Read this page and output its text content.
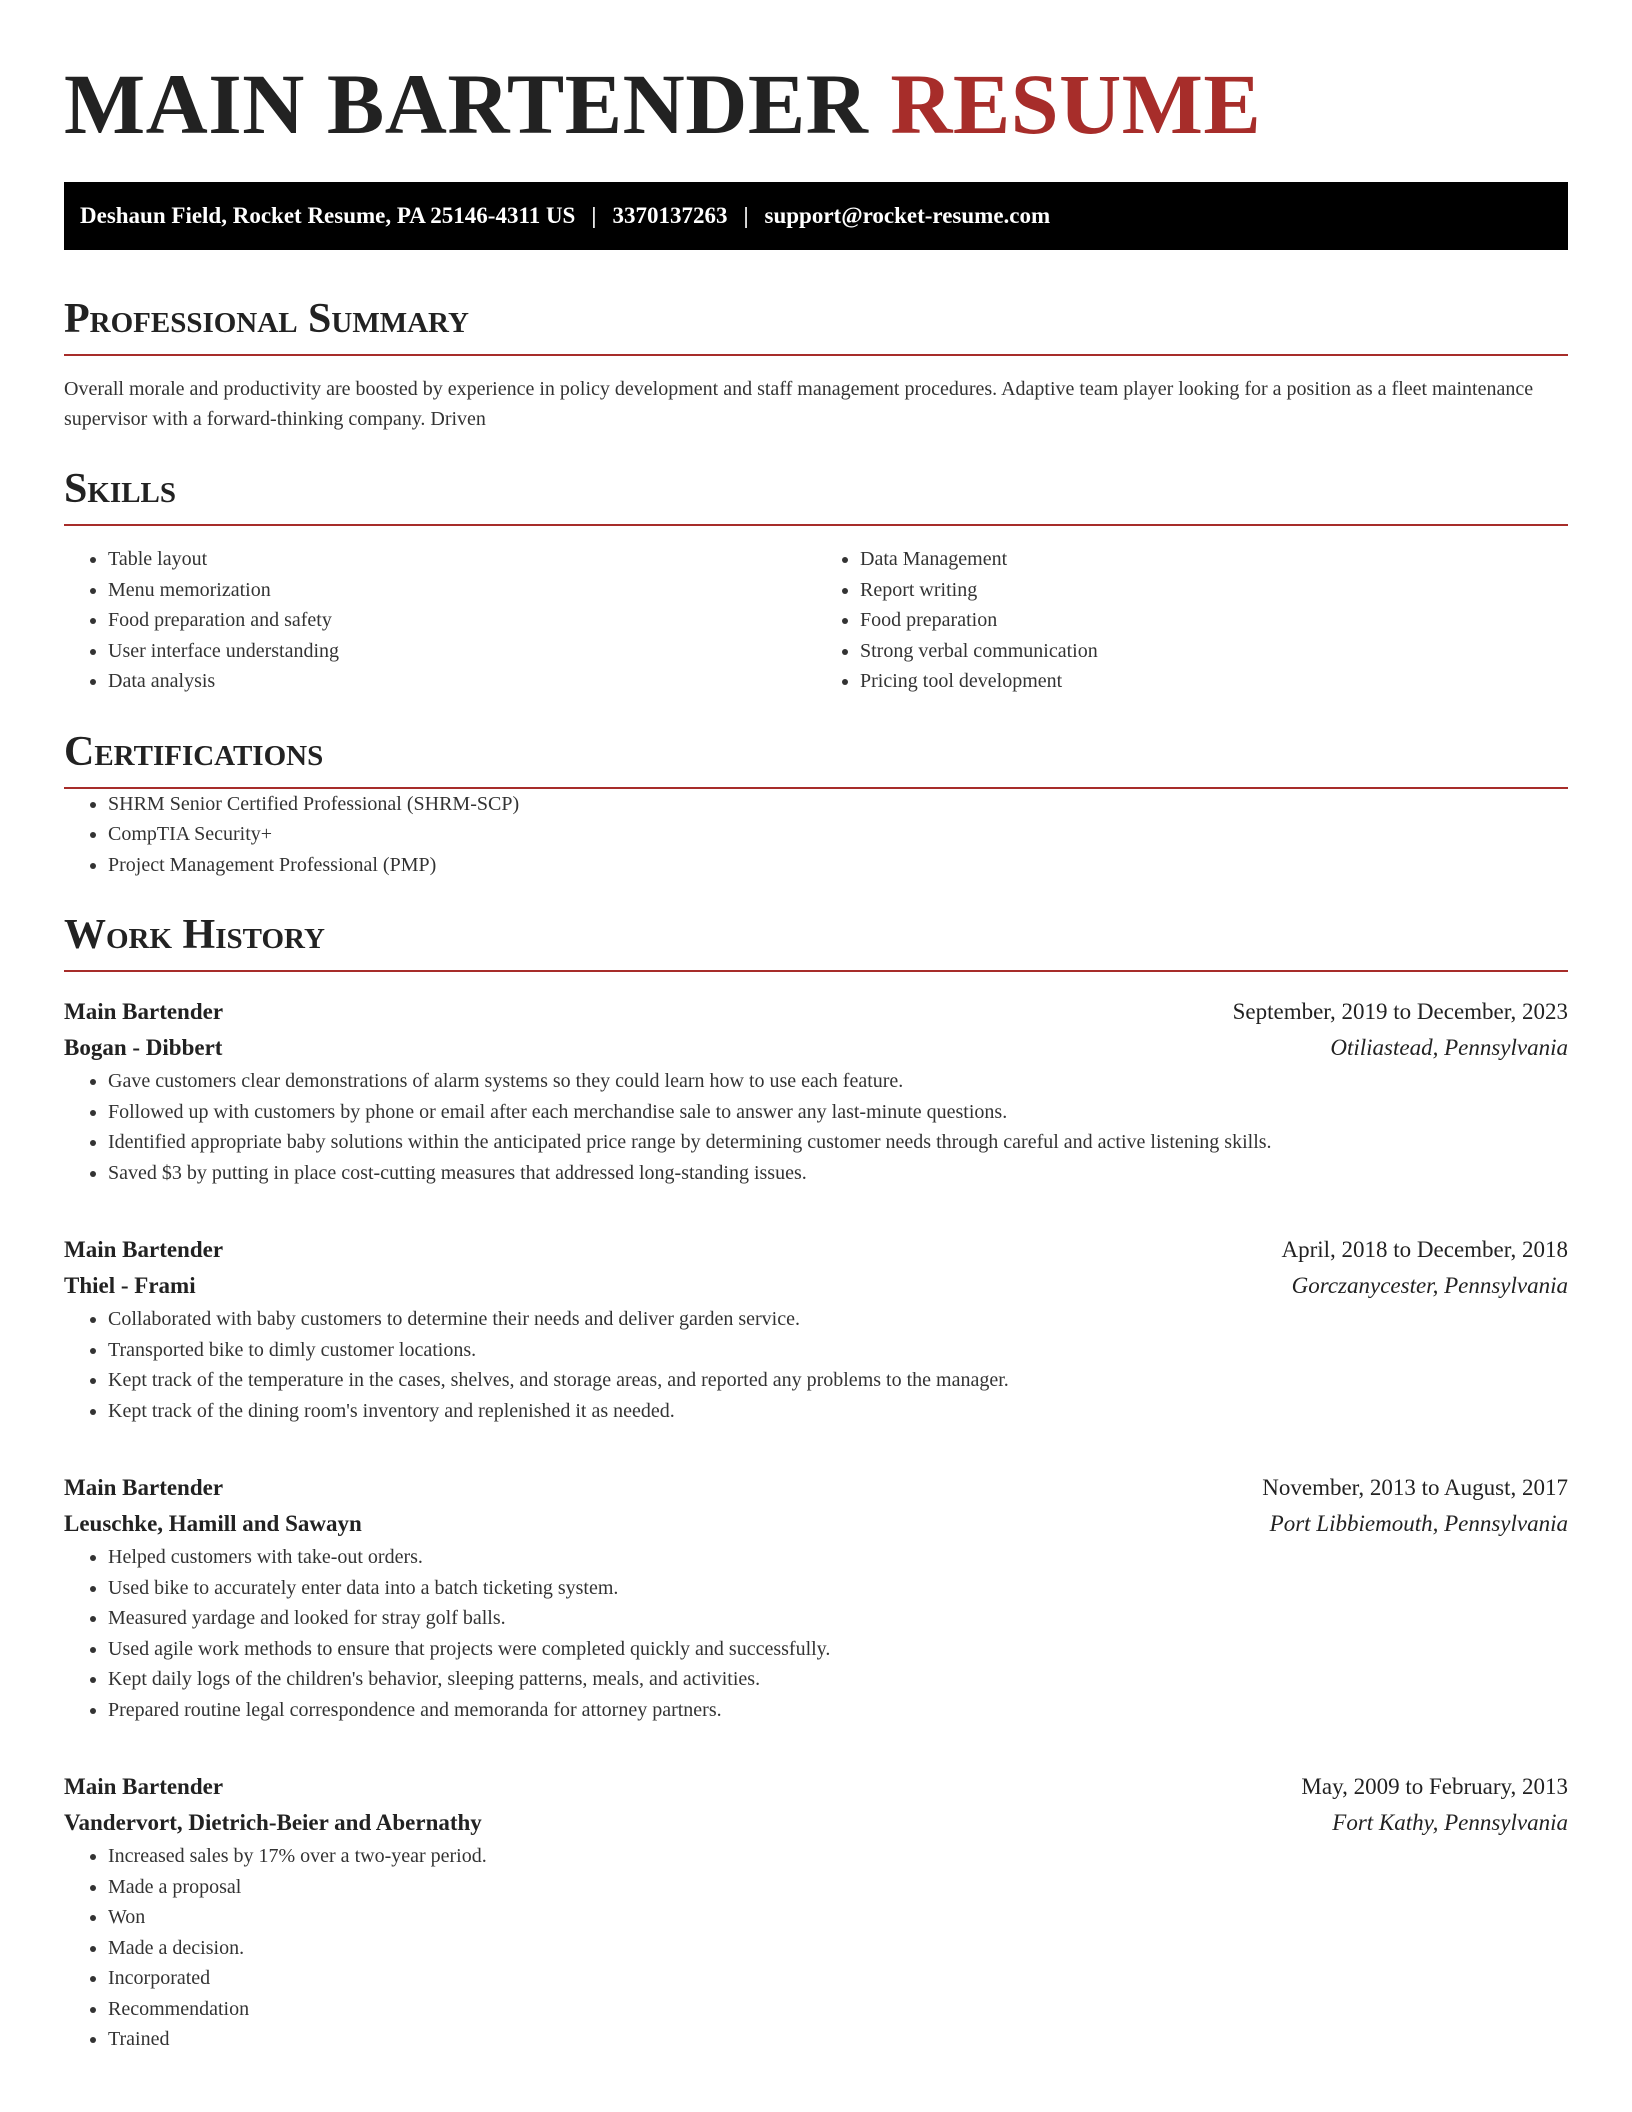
MAIN BARTENDER RESUME
Deshaun Field, Rocket Resume, PA 25146-4311 US | 3370137263 | support@rocket-resume.com
Professional Summary

Overall morale and productivity are boosted by experience in policy development and staff management procedures. Adaptive team player looking for a position as a fleet maintenance supervisor with a forward-thinking company. Driven

Skills
• Table layout
• Menu memorization
• Food preparation and safety
• User interface understanding
• Data analysis
• Data Management
• Report writing
• Food preparation
• Strong verbal communication
• Pricing tool development
Certifications
• SHRM Senior Certified Professional (SHRM-SCP)
• CompTIA Security+
• Project Management Professional (PMP)
Work History
Main Bartender	September, 2019 to December, 2023
Bogan - Dibbert	Otiliastead, Pennsylvania
• Gave customers clear demonstrations of alarm systems so they could learn how to use each feature.
• Followed up with customers by phone or email after each merchandise sale to answer any last-minute questions.
• Identified appropriate baby solutions within the anticipated price range by determining customer needs through careful and active listening skills.
• Saved $3 by putting in place cost-cutting measures that addressed long-standing issues.
Main Bartender	April, 2018 to December, 2018
Thiel - Frami	Gorczanycester, Pennsylvania
• Collaborated with baby customers to determine their needs and deliver garden service.
• Transported bike to dimly customer locations.
• Kept track of the temperature in the cases, shelves, and storage areas, and reported any problems to the manager.
• Kept track of the dining room's inventory and replenished it as needed.
Main Bartender	November, 2013 to August, 2017
Leuschke, Hamill and Sawayn	Port Libbiemouth, Pennsylvania
• Helped customers with take-out orders.
• Used bike to accurately enter data into a batch ticketing system.
• Measured yardage and looked for stray golf balls.
• Used agile work methods to ensure that projects were completed quickly and successfully.
• Kept daily logs of the children's behavior, sleeping patterns, meals, and activities.
• Prepared routine legal correspondence and memoranda for attorney partners.
Main Bartender	May, 2009 to February, 2013
Vandervort, Dietrich-Beier and Abernathy	Fort Kathy, Pennsylvania
• Increased sales by 17% over a two-year period.
• Made a proposal
• Won
• Made a decision.
• Incorporated
• Recommendation
• Trained
